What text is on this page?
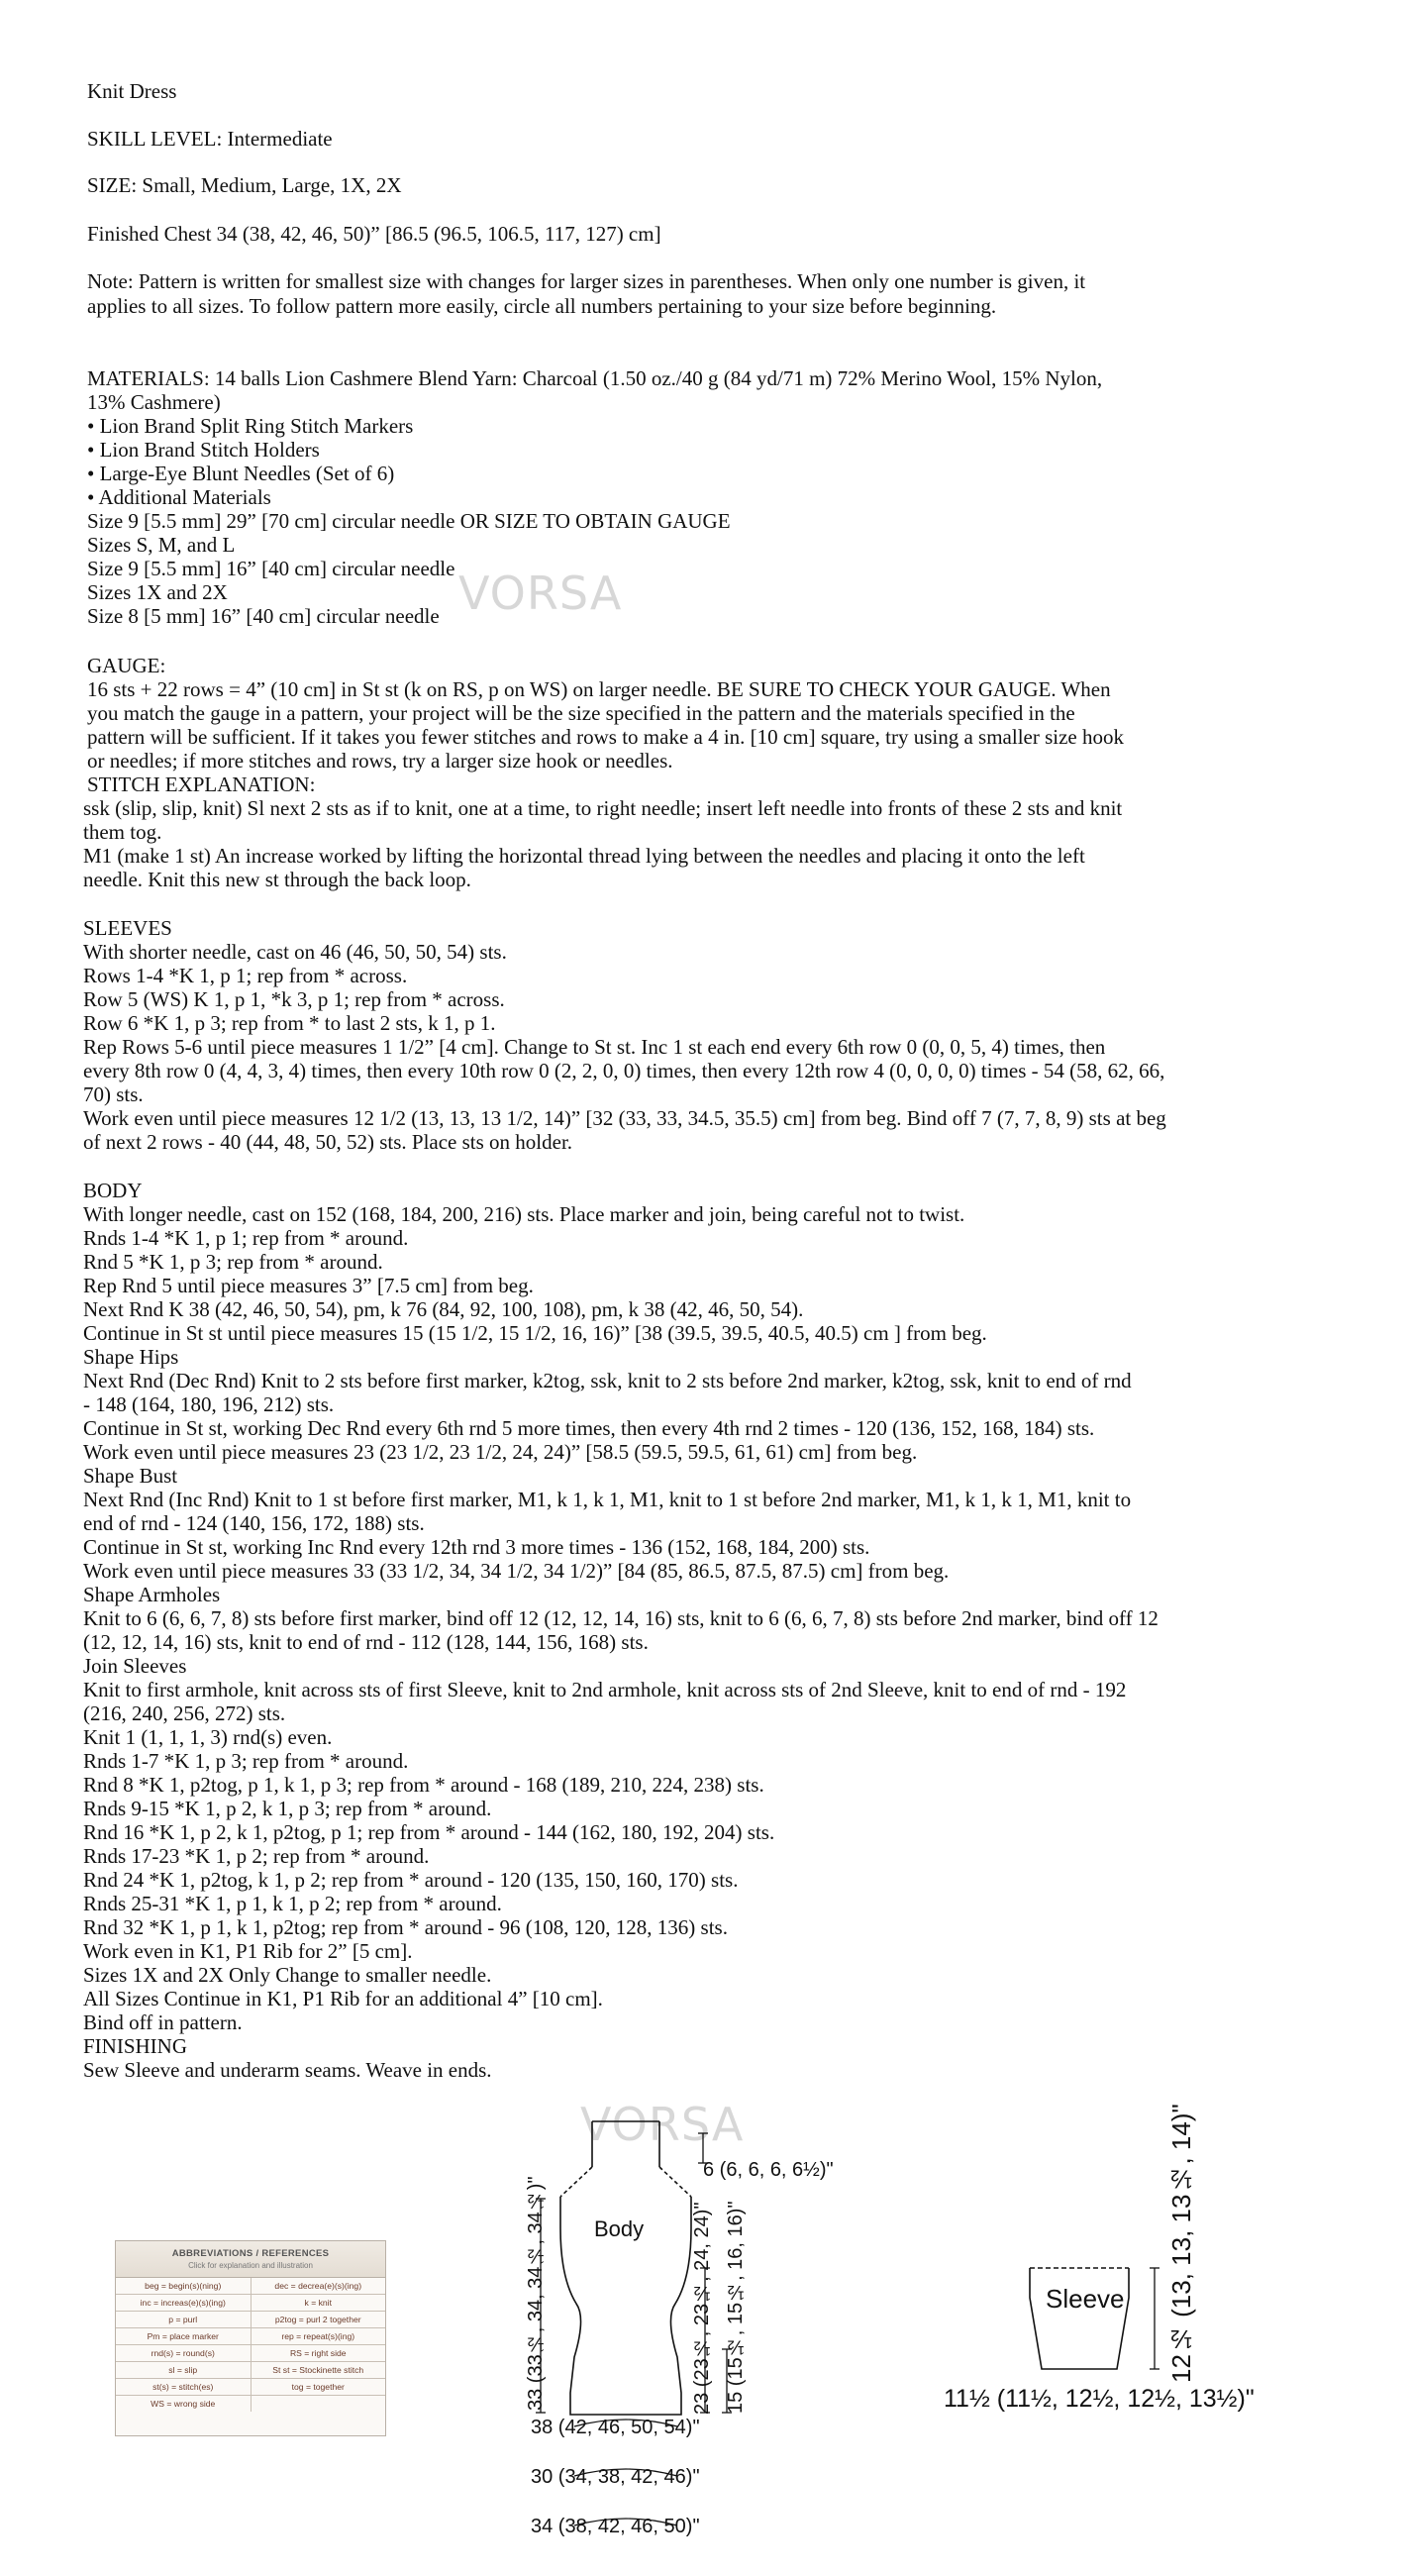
Knit Dress
SKILL LEVEL: Intermediate
SIZE: Small, Medium, Large, 1X, 2X
Finished Chest 34 (38, 42, 46, 50)” [86.5 (96.5, 106.5, 117, 127) cm]
Note: Pattern is written for smallest size with changes for larger sizes in parentheses. When only one number is given, it
applies to all sizes. To follow pattern more easily, circle all numbers pertaining to your size before beginning.
MATERIALS: 14 balls Lion Cashmere Blend Yarn: Charcoal (1.50 oz./40 g (84 yd/71 m) 72% Merino Wool, 15% Nylon,
13% Cashmere)
• Lion Brand Split Ring Stitch Markers
• Lion Brand Stitch Holders
• Large-Eye Blunt Needles (Set of 6)
• Additional Materials
Size 9 [5.5 mm] 29” [70 cm] circular needle OR SIZE TO OBTAIN GAUGE
Sizes S, M, and L
Size 9 [5.5 mm] 16” [40 cm] circular needle
Sizes 1X and 2X
Size 8 [5 mm] 16” [40 cm] circular needle
GAUGE:
16 sts + 22 rows = 4” (10 cm] in St st (k on RS, p on WS) on larger needle. BE SURE TO CHECK YOUR GAUGE. When
you match the gauge in a pattern, your project will be the size specified in the pattern and the materials specified in the
pattern will be sufficient. If it takes you fewer stitches and rows to make a 4 in. [10 cm] square, try using a smaller size hook
or needles; if more stitches and rows, try a larger size hook or needles.
STITCH EXPLANATION:
ssk (slip, slip, knit) Sl next 2 sts as if to knit, one at a time, to right needle; insert left needle into fronts of these 2 sts and knit
them tog.
M1 (make 1 st) An increase worked by lifting the horizontal thread lying between the needles and placing it onto the left
needle. Knit this new st through the back loop.
SLEEVES
With shorter needle, cast on 46 (46, 50, 50, 54) sts.
Rows 1-4 *K 1, p 1; rep from * across.
Row 5 (WS) K 1, p 1, *k 3, p 1; rep from * across.
Row 6 *K 1, p 3; rep from * to last 2 sts, k 1, p 1.
Rep Rows 5-6 until piece measures 1 1/2” [4 cm]. Change to St st. Inc 1 st each end every 6th row 0 (0, 0, 5, 4) times, then
every 8th row 0 (4, 4, 3, 4) times, then every 10th row 0 (2, 2, 0, 0) times, then every 12th row 4 (0, 0, 0, 0) times - 54 (58, 62, 66,
70) sts.
Work even until piece measures 12 1/2 (13, 13, 13 1/2, 14)” [32 (33, 33, 34.5, 35.5) cm] from beg. Bind off 7 (7, 7, 8, 9) sts at beg
of next 2 rows - 40 (44, 48, 50, 52) sts. Place sts on holder.
BODY
With longer needle, cast on 152 (168, 184, 200, 216) sts. Place marker and join, being careful not to twist.
Rnds 1-4 *K 1, p 1; rep from * around.
Rnd 5 *K 1, p 3; rep from * around.
Rep Rnd 5 until piece measures 3” [7.5 cm] from beg.
Next Rnd K 38 (42, 46, 50, 54), pm, k 76 (84, 92, 100, 108), pm, k 38 (42, 46, 50, 54).
Continue in St st until piece measures 15 (15 1/2, 15 1/2, 16, 16)” [38 (39.5, 39.5, 40.5, 40.5) cm ] from beg.
Shape Hips
Next Rnd (Dec Rnd) Knit to 2 sts before first marker, k2tog, ssk, knit to 2 sts before 2nd marker, k2tog, ssk, knit to end of rnd
- 148 (164, 180, 196, 212) sts.
Continue in St st, working Dec Rnd every 6th rnd 5 more times, then every 4th rnd 2 times - 120 (136, 152, 168, 184) sts.
Work even until piece measures 23 (23 1/2, 23 1/2, 24, 24)” [58.5 (59.5, 59.5, 61, 61) cm] from beg.
Shape Bust
Next Rnd (Inc Rnd) Knit to 1 st before first marker, M1, k 1, k 1, M1, knit to 1 st before 2nd marker, M1, k 1, k 1, M1, knit to
end of rnd - 124 (140, 156, 172, 188) sts.
Continue in St st, working Inc Rnd every 12th rnd 3 more times - 136 (152, 168, 184, 200) sts.
Work even until piece measures 33 (33 1/2, 34, 34 1/2, 34 1/2)” [84 (85, 86.5, 87.5, 87.5) cm] from beg.
Shape Armholes
Knit to 6 (6, 6, 7, 8) sts before first marker, bind off 12 (12, 12, 14, 16) sts, knit to 6 (6, 6, 7, 8) sts before 2nd marker, bind off 12
(12, 12, 14, 16) sts, knit to end of rnd - 112 (128, 144, 156, 168) sts.
Join Sleeves
Knit to first armhole, knit across sts of first Sleeve, knit to 2nd armhole, knit across sts of 2nd Sleeve, knit to end of rnd - 192
(216, 240, 256, 272) sts.
Knit 1 (1, 1, 1, 3) rnd(s) even.
Rnds 1-7 *K 1, p 3; rep from * around.
Rnd 8 *K 1, p2tog, p 1, k 1, p 3; rep from * around - 168 (189, 210, 224, 238) sts.
Rnds 9-15 *K 1, p 2, k 1, p 3; rep from * around.
Rnd 16 *K 1, p 2, k 1, p2tog, p 1; rep from * around - 144 (162, 180, 192, 204) sts.
Rnds 17-23 *K 1, p 2; rep from * around.
Rnd 24 *K 1, p2tog, k 1, p 2; rep from * around - 120 (135, 150, 160, 170) sts.
Rnds 25-31 *K 1, p 1, k 1, p 2; rep from * around.
Rnd 32 *K 1, p 1, k 1, p2tog; rep from * around - 96 (108, 120, 128, 136) sts.
Work even in K1, P1 Rib for 2” [5 cm].
Sizes 1X and 2X Only Change to smaller needle.
All Sizes Continue in K1, P1 Rib for an additional 4” [10 cm].
Bind off in pattern.
FINISHING
Sew Sleeve and underarm seams. Weave in ends.
VORSA
VORSA
ABBREVIATIONS / REFERENCES
Click for explanation and illustration
beg = begin(s)(ning)	dec = decrea(e)(s)(ing)
inc = increas(e)(s)(ing)	k = knit
p = purl	p2tog = purl 2 together
Pm = place marker	rep = repeat(s)(ing)
rnd(s) = round(s)	RS = right side
sl = slip	St st = Stockinette stitch
st(s) = stitch(es)	tog = together
WS = wrong side
Body
6 (6, 6, 6, 6½)"
33 (33½, 34, 34½, 34½)"	23 (23½, 23½, 24, 24)" 15 (15½, 15½, 16, 16)"
38 (42, 46, 50, 54)"
30 (34, 38, 42, 46)"
34 (38, 42, 46, 50)"
Sleeve 12½ (13, 13, 13½, 14)"
11½ (11½, 12½, 12½, 13½)"
